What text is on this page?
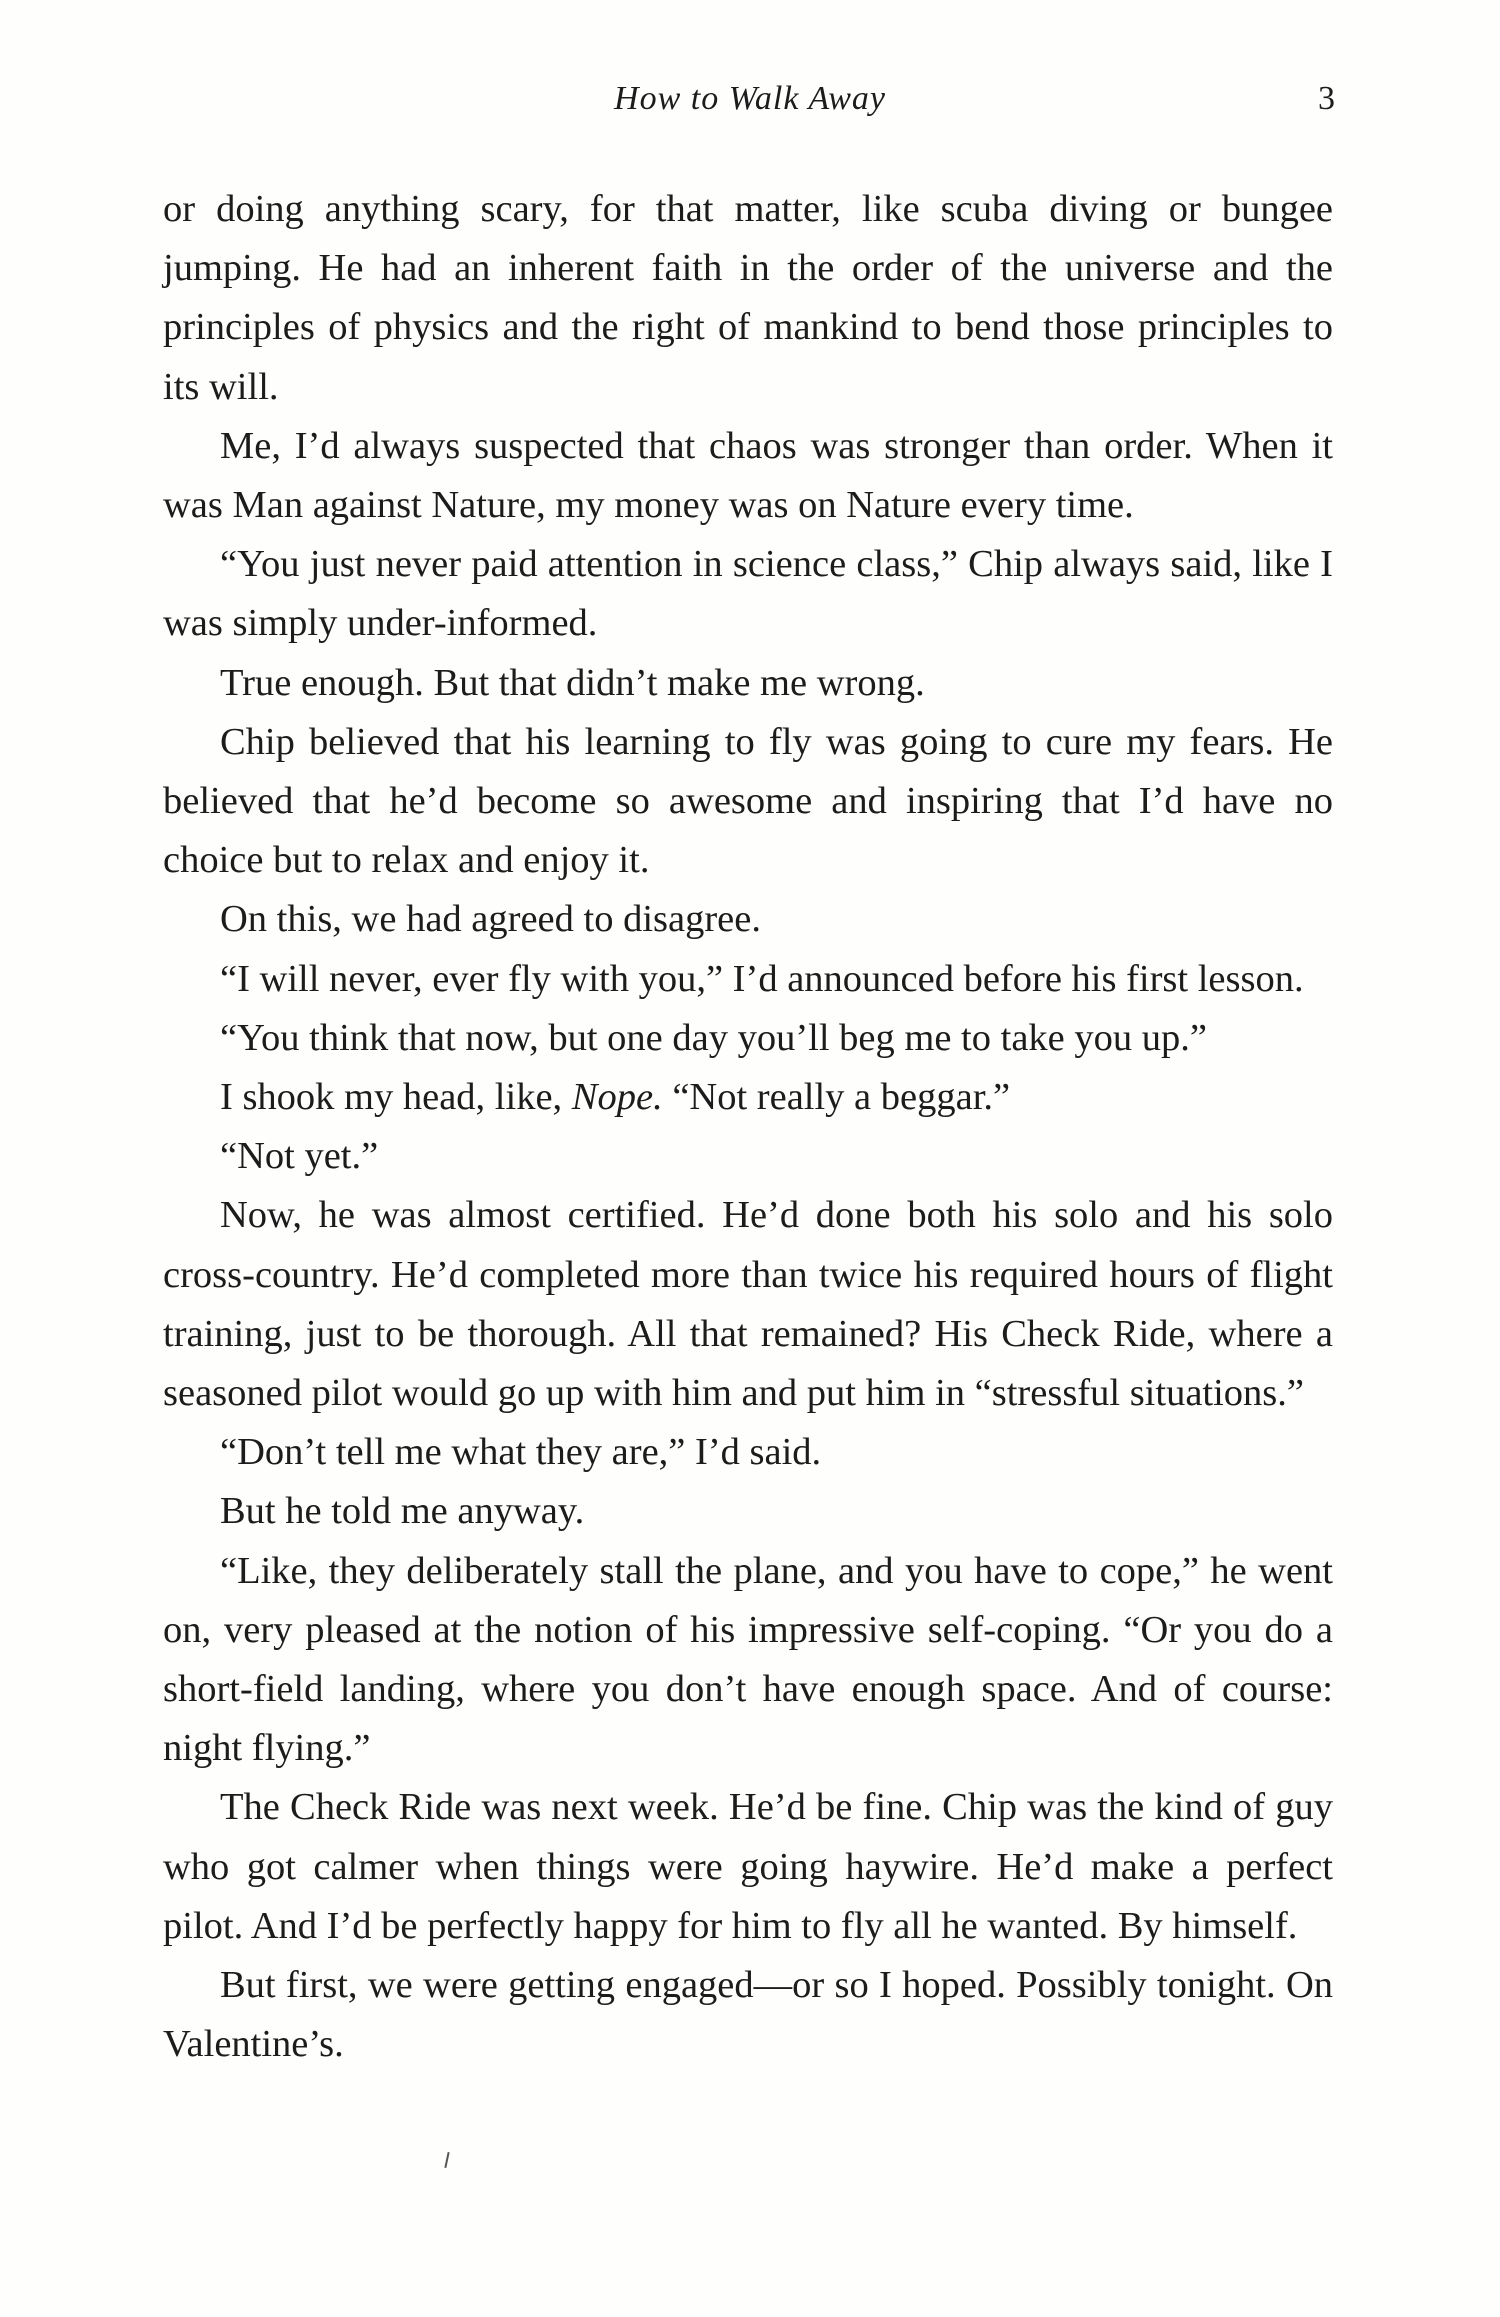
How to Walk Away	3

or doing anything scary, for that matter, like scuba diving or bungee jumping. He had an inherent faith in the order of the universe and the principles of physics and the right of mankind to bend those principles to its will.

Me, I’d always suspected that chaos was stronger than order. When it was Man against Nature, my money was on Nature every time.

“You just never paid attention in science class,” Chip always said, like I was simply under-informed.

True enough. But that didn’t make me wrong.

Chip believed that his learning to fly was going to cure my fears. He believed that he’d become so awesome and inspiring that I’d have no choice but to relax and enjoy it.

On this, we had agreed to disagree.

“I will never, ever fly with you,” I’d announced before his first lesson.

“You think that now, but one day you’ll beg me to take you up.”

I shook my head, like, Nope. “Not really a beggar.”

“Not yet.”

Now, he was almost certified. He’d done both his solo and his solo cross-country. He’d completed more than twice his required hours of flight training, just to be thorough. All that remained? His Check Ride, where a seasoned pilot would go up with him and put him in “stressful situations.”

“Don’t tell me what they are,” I’d said.

But he told me anyway.

“Like, they deliberately stall the plane, and you have to cope,” he went on, very pleased at the notion of his impressive self-coping. “Or you do a short-field landing, where you don’t have enough space. And of course: night flying.”

The Check Ride was next week. He’d be fine. Chip was the kind of guy who got calmer when things were going haywire. He’d make a perfect pilot. And I’d be perfectly happy for him to fly all he wanted. By himself.

But first, we were getting engaged—or so I hoped. Possibly tonight. On Valentine’s.
